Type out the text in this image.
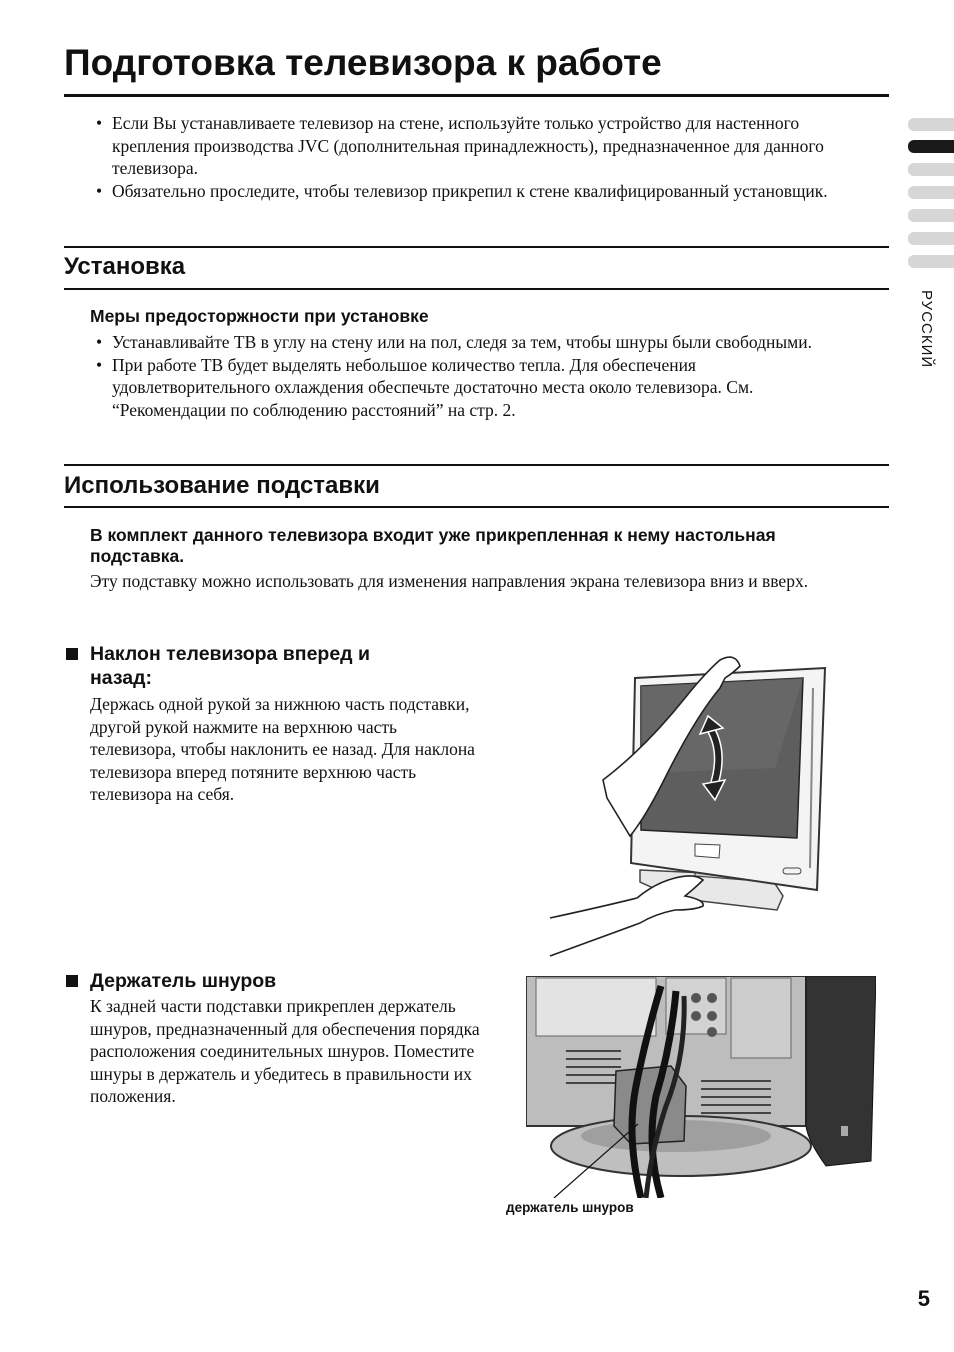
Подготовка телевизора к работе
• Если Вы устанавливаете телевизор на стене, используйте только устройство для настенного крепления производства JVC (дополнительная принадлежность), предназначенное для данного телевизора.
• Обязательно проследите, чтобы телевизор прикрепил к стене квалифицированный установщик.
Установка
Меры предосторжности при установке
• Устанавливайте ТВ в углу на стену или на пол, следя за тем, чтобы шнуры были свободными.
• При работе ТВ будет выделять небольшое количество тепла. Для обеспечения удовлетворительного охлаждения обеспечьте достаточно места около телевизора. См. “Рекомендации по соблюдению расстояний” на стр. 2.
Использование подставки

В комплект данного телевизора входит уже прикрепленная к нему настольная подставка.

Эту подставку можно использовать для изменения направления экрана телевизора вниз и вверх.

Наклон телевизора вперед и назад:

Держась одной рукой за нижнюю часть подставки, другой рукой нажмите на верхнюю часть телевизора, чтобы наклонить ее назад. Для наклона телевизора вперед потяните верхнюю часть телевизора на себя.

Держатель шнуров

К задней части подставки прикреплен держатель шнуров, предназначенный для обеспечения порядка расположения соединительных шнуров. Поместите шнуры в держатель и убедитесь в правильности их положения.

держатель шнуров
РУССКИЙ
5
